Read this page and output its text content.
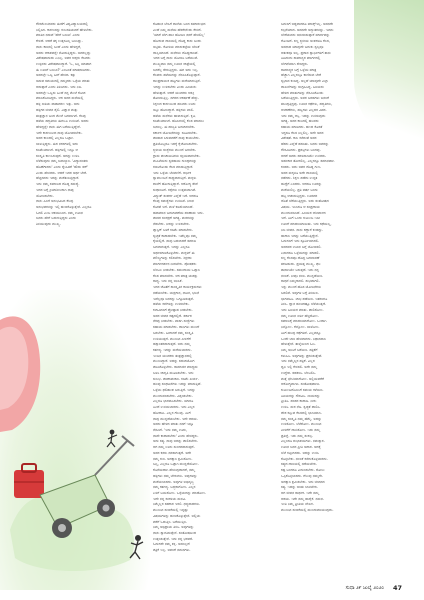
ಗೌರಮೆಂಟಿನವರು ಈಚೆಗೆ ವಿಶ್ವವಿದ್ಯಾಲಯದಲ್ಲಿ
ನಿಲ್ಲಿಸಿದ. ಕಾರಣವನ್ನು ಕುಲಪತಿಯವರೆ ಹೇಳಬೇಕು.
ಮಾತಿನ ನಡುವೆ 'ಹೇಗೆ ಬಂದಿರಿ' ಎಂದು
ಕೇಳಿದೆ. ಆದರೆ ತಕ್ಕ ಉತ್ತರವಿಲ್ಲ ಬಂದಿದ್ದು.
ನಾನು ಕಾರಿನಲ್ಲಿ ಬಂದೆ ಎಂದು ಹೇಳಿದ್ದರೆ,
ಅವರು ಆಕಾಶವನ್ನೇ ನೋಡುತ್ತಿದ್ದರು. ಅವರಲ್ಲದ್ದು
ವಿಶೇಷವಾದುದು ಏನಿಲ್ಲ. ಅವರ ಆಪ್ತರು ಕೆಲವರು
ಉಳ್ಳವರು ವಿಶೇಷವಾಗಿದ್ದಾರೆ. 'ಓ, ಬನ್ನಿ ಯಾವಾಗ
ಈ ಊರಿಗೆ ಬಂದಿರಿ?' ಎಂಬಂತೆ ಮಾತನಾಡಿದರು.
ಅವರಲ್ಲೇ ಒಬ್ಬ ಹೀಗೆ ಹೇಳಿದ. ಕತ್ತು
ಬಿಡುವ ಸಮಯದಲ್ಲಿ ನಮ್ಮವರು ಒಳ್ಳೆಯ ಮಾತು
ಆಡುತ್ತಾರೆ ಎಂದು ತಿಳಿಸಿದರು. ಇದು ನಿಜ.
ಅವರಲ್ಲೇ ಒಬ್ಬರು ಹಿಂದೆ ನನ್ನ ಮೇಲೆ ಕೋಪ
ಮಾಡಿಕೊಂಡಿದ್ದರು. ಆಗ ಅವರ ಮನೆಯಲ್ಲಿ
ಹಳ್ಳಿ ರೀತಿಯ ವಾತಾವರಣ ಇತ್ತು. ಅದು
ಹಳ್ಳಿಗರ ಜೀವನ ಶೈಲಿ. ವಿಜ್ಞಾನ ಮತ್ತು
ತಂತ್ರಜ್ಞಾನ ಬಂದ ಮೇಲೆ ಬದಲಾಗಿದೆ. ಕೆಲವು
ಹಳೆಯ ಪದ್ಧತಿಗಳು ಈಗಲೂ ಉಳಿದಿವೆ. ಅವರು
ಹೇಳಿದ್ದನ್ನೇ ನಾನು ಈಗ ಬರೆಯುತ್ತಿದ್ದೇನೆ.
ಇದೇ ಕಾರಣದಿಂದ ನಾವು ಯೋಚಿಸಬೇಕು.
ಅವರ ಕಾಲದಲ್ಲಿ ಎಲ್ಲರೂ ಒಟ್ಟಾಗಿ
ಬಾಳುತ್ತಿದ್ದರು. ಈಗ ನಗರಗಳಲ್ಲಿ ಅದು
ಕಡಿಮೆಯಾಗಿದೆ. ಹಳ್ಳಿಗಳಲ್ಲಿ ಇನ್ನೂ ಆ
ಸಂಸ್ಕೃತಿ ಕಾಣಸಿಗುತ್ತದೆ. ಅದನ್ನು ಉಳಿಸಿ
ಬೆಳೆಸುವುದು ನಮ್ಮ ಜವಾಬ್ದಾರಿ. 'ವಿದ್ಯಾವಂತರು
ಹೊಣೆಗಾರರು' ಎಂದು ಸ್ನೇಹಿತರೆ 'ಹೌದು ಸರ್'
ಎಂದು ಹೇಳಿದರು. ಆದರೆ ಇದರ ಅರ್ಥ ಬೇರೆ.
ಹೆಚ್ಚಿನವರು ಇದನ್ನು ಮರೆತುಬಿಟ್ಟಿದ್ದಾರೆ.
ಇದು ನಮ್ಮ ಸಮಾಜದ ದೊಡ್ಡ ಸಮಸ್ಯೆ.
ಇದರ ಬಗ್ಗೆ ಕ್ರಿಯಾಶೀಲರಾಗಿ ನಾವು
ಯೋಚಿಸಬೇಕು.
ನಾನು ಹಿಂದೆ ಅನುಭವಿಸಿದ ಕೆಲವು
ಅನುಭವಗಳನ್ನು ಇಲ್ಲಿ ಹಂಚಿಕೊಳ್ಳುತ್ತೇನೆ. ಎಲ್ಲರೂ
ಓದಲಿ ಎಂಬ ಆಶಯದಿಂದ. ನಮ್ಮ ಊರಿನ
ಜನರು ಹೇಗೆ ಬದುಕುತ್ತಿದ್ದರು ಎಂದು
ತಿಳಿಯುವುದು ಮುಖ್ಯ.
ಕೊಡಗಿನ ಬೇಸಿಗೆ ಶಾಲೆಯ ಬಂದ ಸಮಾರಂಭದ
ಎಂದೆ ನಿಮ್ಮ ಮನೆಯ ಹೆಸರೇನೆಂದು ಕೇಳಿದೆ.
'ಯಾಕೆ ಬೇಗ ಹಾಕಿ ಹೋದಿರಿ ನನಗೆ ಹೇಳಲಿಲ್ಲ'
ಹೋಗುವ ದಾರಿಯಲ್ಲಿ ದೊಡ್ಡ ಕಾರು ಬಂದು
ಬಿಟ್ಟಿತು. ಕೋಳಿಯ ಮಾರುಕಟ್ಟೆಯ ಬೇಡಿಕೆ
ಜಾಸ್ತಿಯಾಗಿದೆ. ಮನೆಗಳು ದೊಡ್ಡದಾಗಿವೆ.
ಇದರ ಬಗ್ಗೆ ನಾನು ಯೋಚಿಸಿ ಬರೆಯುವೆ.
ಮುಖ್ಯವಾಗಿ ನಮ್ಮ ಊರಿನ ಜಾತ್ರೆಯಲ್ಲಿ
ಜನರೆಲ್ಲ ಸೇರುತ್ತಿದ್ದರು. ಈಗ ಅದು ಇಲ್ಲ.
ಕೆಲವರು ಹಳೆಯದನ್ನು ನೆನಪಿಸಿಕೊಳ್ಳುತ್ತಾರೆ.
ಸಾಂಪ್ರದಾಯಿಕ ಹಬ್ಬಗಳು ಮರೆಯಾಗುತ್ತಿವೆ.
ಇದನ್ನು ಉಳಿಸಬೇಕು ಎಂದು ಹಿರಿಯರು
ಹೇಳುತ್ತಾರೆ. ಆದರೆ ಯುವಕರು ಆಸಕ್ತಿ
ತೋರಿಸುತ್ತಿಲ್ಲ. ನಗರದ ಆಕರ್ಷಣೆ ಹೆಚ್ಚು.
ಶಿಕ್ಷಣದ ಕಾರಣದಿಂದ ಹಲವರು ಊರು
ಬಿಟ್ಟು ಹೋಗಿದ್ದಾರೆ. ಹಳ್ಳಿಗಳು ಖಾಲಿ.
ಹಳೆಯ ಮನೆಗಳು ಹಾಳಾಗುತ್ತಿವೆ. ಕೃಷಿ
ಕಡಿಮೆಯಾಗಿದೆ. ಹೊಲಗಳಲ್ಲಿ ಕೆಲಸ ಮಾಡಲು
ಜನರಿಲ್ಲ. ಈ ಪರಿಸ್ಥಿತಿ ಬದಲಾಗಬೇಕು.
ಸರ್ಕಾರ ಯೋಜನೆಗಳನ್ನು ರೂಪಿಸಬೇಕು.
ಪರಿಹಾರ ಸಿಗುವವರೆಗೆ ನಾವು ಕಾಯಬೇಕು.
ಪ್ರತಿಯೊಬ್ಬರೂ ಇದಕ್ಕೆ ಕೈಜೋಡಿಸಬೇಕು.
ಸ್ಥಳೀಯ ಸಂಸ್ಥೆಗಳು ಮುಂದೆ ಬರಬೇಕು.
ಗ್ರಾಮ ಪಂಚಾಯಿತಿಗಳು ಸಕ್ರಿಯವಾಗಬೇಕು.
ಮಹಿಳೆಯರು ಸ್ವಸಹಾಯ ಗುಂಪುಗಳನ್ನು
ರಚಿಸಿಕೊಂಡು ಕೆಲಸ ಮಾಡುತ್ತಿದ್ದಾರೆ.
ಇದು ಒಳ್ಳೆಯ ಬೆಳವಣಿಗೆ. ಆರ್ಥಿಕ
ಸ್ವಾವಲಂಬನೆ ಸಾಧ್ಯವಾಗುತ್ತಿದೆ. ಮಕ್ಕಳು
ಶಾಲೆಗೆ ಹೋಗುತ್ತಿದ್ದಾರೆ. ಆರೋಗ್ಯ ಸೇವೆ
ಸುಧಾರಿಸಿದೆ. ರಸ್ತೆಗಳು ಉತ್ತಮವಾಗಿವೆ.
ವಿದ್ಯುತ್ ಸಂಪರ್ಕ ಎಲ್ಲೆಡೆ ಇದೆ. ಆದರೂ
ಕೆಲವು ಸಮಸ್ಯೆಗಳು ಉಳಿದಿವೆ. ನೀರಿನ
ಕೊರತೆ ಇದೆ. ಮಳೆ ಕಡಿಮೆಯಾಗಿದೆ.
ಹವಾಮಾನ ಬದಲಾವಣೆಯ ಪರಿಣಾಮ ಇದು.
ಪರಿಸರ ಸಂರಕ್ಷಣೆ ಅಗತ್ಯ. ಮರಗಳನ್ನು
ನೆಡಬೇಕು. ನೀರನ್ನು ಉಳಿಸಬೇಕು.
ಪ್ಲಾಸ್ಟಿಕ್ ಬಳಕೆ ಕಡಿಮೆ ಮಾಡಬೇಕು.
ಸ್ವಚ್ಛತೆ ಕಾಪಾಡಬೇಕು. ಇವೆಲ್ಲವೂ ನಮ್ಮ
ಕೈಯಲ್ಲಿದೆ. ನಾವು ಬದಲಾದರೆ ಸಮಾಜ
ಬದಲಾಗುತ್ತದೆ. ಇದನ್ನು ಎಲ್ಲರೂ
ಅರ್ಥಮಾಡಿಕೊಳ್ಳಬೇಕು. ಮಕ್ಕಳಿಗೆ ಈ
ಮೌಲ್ಯಗಳನ್ನು ಕಲಿಸಬೇಕು. ಶಿಕ್ಷಕರು
ಮಾರ್ಗದರ್ಶನ ನೀಡಬೇಕು. ಪೋಷಕರು
ಬೆಂಬಲ ನೀಡಬೇಕು. ಸಮುದಾಯ ಒಟ್ಟಾಗಿ
ಕೆಲಸ ಮಾಡಬೇಕು. ಆಗ ಮಾತ್ರ ಯಶಸ್ಸು
ಸಾಧ್ಯ. ಇದು ನನ್ನ ಅನಿಸಿಕೆ.
ಇದರ ಜೊತೆಗೆ ಸಾಂಸ್ಕೃತಿಕ ಕಾರ್ಯಕ್ರಮಗಳು
ನಡೆಯಬೇಕು. ಯಕ್ಷಗಾನ, ನಾಟಕ, ಭಜನೆ
ಇವೆಲ್ಲವೂ ಜನರನ್ನು ಒಗ್ಗೂಡಿಸುತ್ತವೆ.
ಹಳೆಯ ಕಲೆಗಳನ್ನು ಉಳಿಸಬೇಕು.
ಕಲಾವಿದರಿಗೆ ಪ್ರೋತ್ಸಾಹ ನೀಡಬೇಕು.
ಅವರ ಜೀವನ ಕಷ್ಟದಲ್ಲಿದೆ. ಸರ್ಕಾರ
ನೆರವು ನೀಡಬೇಕು. ಖಾಸಗಿ ಸಂಸ್ಥೆಗಳು
ಸಹಾಯ ಮಾಡಬೇಕು. ದಾನಿಗಳು ಮುಂದೆ
ಬರಬೇಕು. ಹೀಗಾದರೆ ನಮ್ಮ ಸಂಸ್ಕೃತಿ
ಉಳಿಯುತ್ತದೆ. ಮುಂದಿನ ಪೀಳಿಗೆಗೆ
ಹಸ್ತಾಂತರವಾಗುತ್ತದೆ. ಅದು ನಮ್ಮ
ಕರ್ತವ್ಯ. ಇದನ್ನು ಮರೆಯಬಾರದು.
ಇಂದಿನ ಯುವಕರು ತಂತ್ರಜ್ಞಾನದಲ್ಲಿ
ಮುಂದಿದ್ದಾರೆ. ಅದನ್ನು ಸದುಪಯೋಗ
ಪಡಿಸಿಕೊಳ್ಳಬೇಕು. ಸಾಮಾಜಿಕ ಮಾಧ್ಯಮ
ಬಳಸಿ ಜಾಗೃತಿ ಮೂಡಿಸಬೇಕು. ಇದು
ಸುಲಭ. ಪರಿಣಾಮಕಾರಿ. ಕಡಿಮೆ ಖರ್ಚು.
ಹಲವು ಸಂಘಟನೆಗಳು ಇದನ್ನು ಮಾಡುತ್ತಿವೆ.
ಒಳ್ಳೆಯ ಫಲಿತಾಂಶ ಬರುತ್ತಿದೆ. ಇದನ್ನು
ಮುಂದುವರಿಸಬೇಕು. ವಿಸ್ತರಿಸಬೇಕು.
ಎಲ್ಲರೂ ಭಾಗವಹಿಸಬೇಕು. ಯಾರೂ
ಹಿಂದೆ ಉಳಿಯಬಾರದು. ಇದು ಎಲ್ಲರ
ಹೋರಾಟ. ಎಲ್ಲರ ಗೆಲುವು. ಹೀಗೆ
ನಾವು ಮುನ್ನಡೆಯಬೇಕು. ಇದೇ ಆಶಯ.
ಅವರು ಹೇಳಿದ ಮಾತು ನನಗೆ ಇನ್ನೂ
ನೆನಪಿದೆ. 'ಇದು ನಮ್ಮ ಊರು,
ನಾವೇ ಕಾಪಾಡಬೇಕು' ಎಂದು ಹೇಳಿದ್ದರು.
ಅದು ಸತ್ಯ. ನಾವು ಅದನ್ನು ಪಾಲಿಸಬೇಕು.
ಆಗ ನಮ್ಮ ಊರು ಸುಂದರವಾಗುತ್ತದೆ.
ಅವರ ಕನಸು ನನಸಾಗುತ್ತದೆ. ಅದೇ
ನಮ್ಮ ಗುರಿ. ಅದಕ್ಕಾಗಿ ಶ್ರಮಿಸೋಣ.
ಬನ್ನಿ, ಎಲ್ಲರೂ ಒಟ್ಟಾಗಿ ಮುನ್ನಡೆಯೋಣ.
ಕೊನೆಯದಾಗಿ ಹೇಳುವುದಾದರೆ, ನಮ್ಮ
ಹಳ್ಳಿಗಳು ನಮ್ಮ ಬೇರುಗಳು. ಅವುಗಳನ್ನು
ಮರೆಯಬಾರದು. ಅವುಗಳ ಅಭಿವೃದ್ಧಿ
ನಮ್ಮ ಕರ್ತವ್ಯ. ಬದ್ಧರಾಗೋಣ. ಎಲ್ಲರ
ಏಳಿಗೆ ಬಯಸೋಣ. ಒಳ್ಳೆಯದನ್ನು ಮಾಡೋಣ.
ಇದೇ ನನ್ನ ಕಳಕಳಿಯ ಮನವಿ.
ನಿಮ್ಮೆಲ್ಲರ ಸಹಕಾರ ಇರಲಿ. ಧನ್ಯವಾದಗಳು.
ಮುಂದಿನ ಸಂಚಿಕೆಯಲ್ಲಿ ಇನ್ನಷ್ಟು
ವಿಷಯಗಳನ್ನು ಹಂಚಿಕೊಳ್ಳುತ್ತೇನೆ. ಅಲ್ಲಿಯ
ವರೆಗೆ ಓದುತ್ತಿರಿ. ಬರೆಯುತ್ತಿರಿ.
ನಿಮ್ಮ ಅಭಿಪ್ರಾಯ ತಿಳಿಸಿ. ಅವುಗಳನ್ನು
ನಾನು ಸ್ವಾಗತಿಸುತ್ತೇನೆ. ಸಂತೋಷದಿಂದ
ಉತ್ತರಿಸುತ್ತೇನೆ. ಇದು ನನ್ನ ಭರವಸೆ.
ಓದುಗರೇ ನಮ್ಮ ಶಕ್ತಿ. ಅವರಿಲ್ಲದೆ
ಪತ್ರಿಕೆ ಇಲ್ಲ. ಅವರಿಗೆ ನಮನಗಳು.
ಬದುಕಿಗೆ ಅಡ್ಡವಾದರೂ ಮಾಸ್ಕ್‌ಇಲ್ಲ. ಅವನದೇ
ಕಲ್ಪನೆಯಾದ. ಅವನದೇ ಅದ್ಭುತಗಳನ್ನು. ಇವನು
ಬೇರೆಯವರು ಅನುಸರಿಸುತ್ತಾರೆ ಮಾರ್ಗವನ್ನು
ಗೊಂಡಿದೆ. ಸಣ್ಣ ಸ್ಥಳೀಯ ಅಂಶಗಳೂ ಕೆಲಸ,
ಅವನಾದ ಯಾವುದೇ ಬದುಕು ಸ್ವಲ್ಪವೂ
ಆತಂಕವೂ ಅಲ್ಲ. ಪ್ರದಾನ ಸ್ವಾರ್ಥಿಗಳಿಗೆ ತಾನು
ಹಿಡಿದುದು ಸಾಮಾನ್ಯರ ಮಾರ್ಗದಲ್ಲಿ
ಬೇಗನೆಯಾಗಿ ಸೇರಿದ್ದರು.
ಸಾಮಾನ್ಯರ ಬಗ್ಗೆ ಒಳ್ಳೆಯ ಮಾತ್ರ
ಹೆಚ್ಚಾಗಿ ಎಲ್ಲರಲ್ಲೂ ಕಾಣಿಸುವ ಬೇರೆ
ಸ್ವಭಾವ ಕಂಡಿದ್ದ. ಅಲ್ಲದೆ ಯಾವುದೇ ಎಲ್ಲಾ
ದಾಖಲೆಗಳನ್ನು ಸಂಗ್ರಹಿಸಿದ್ದ. ಹಿರಿಯರು
ಹೇಳಿದ ಮಾತುಗಳನ್ನು ನೆನಪಿಸಿಕೊಂಡು
ಬರೆಯುತ್ತಿದ್ದರು. ಅವರ ಬರಹಗಳು ಜನರಿಗೆ
ತಲುಪುತ್ತಿದ್ದವು. ಊರಿನ ಕಥೆಗಳು, ಪದ್ಧತಿಗಳು,
ಆಚರಣೆಗಳು, ಹಬ್ಬಗಳು ಎಲ್ಲದರ ವಿವರ.
ಇದು ನಮ್ಮ ಆಸ್ತಿ. ಇದನ್ನು ಉಳಿಸುವುದು
ಅಗತ್ಯ. ಅವರ ಕಾಲದಲ್ಲಿ ಹಲವರು
ಸಹಾಯ ಮಾಡಿದರು. ಹಣದ ಕೊರತೆ
ಇದ್ದರೂ ಕೆಲಸ ನಿಲ್ಲಲಿಲ್ಲ. ಅದೇ ಅವರ
ವಿಶೇಷತೆ. ಕಾಲ ಕಳೆದಂತೆ ಅವರ
ಹೆಸರು ಎಲ್ಲೆಡೆ ಹರಡಿತು. ಜನರು ಅವರನ್ನು
ಗೌರವಿಸಿದರು. ಪ್ರಶಸ್ತಿಗಳು ಬಂದವು.
ಆದರೆ ಅವರು ಸರಳವಾಗಿಯೇ ಉಳಿದರು.
ಅಹಂಕಾರ ತೋರಲಿಲ್ಲ. ಎಲ್ಲರನ್ನೂ ಸಮಾನವಾಗಿ
ಕಂಡರು. ಅದು ಅವರ ದೊಡ್ಡ ಗುಣ.
ಅವರ ಮಕ್ಕಳೂ ಅದೇ ದಾರಿಯಲ್ಲಿ
ನಡೆದರು. ಶಿಕ್ಷಣ ಪಡೆದು ಉನ್ನತ
ಹುದ್ದೆಗೆ ಏರಿದರು. ಆದರೂ ಊರನ್ನು
ಮರೆಯಲಿಲ್ಲ. ಪ್ರತಿ ವರ್ಷ ಬಂದು
ಹಬ್ಬ ಆಚರಿಸುತ್ತಿದ್ದರು. ಊರವರ
ಜೊತೆ ಬೆರೆಯುತ್ತಿದ್ದರು. ಅದು ಸಂತೋಷದ
ವಿಷಯ. ಇಂದಿಗೂ ಆ ಸಂಪ್ರದಾಯ
ಮುಂದುವರಿದಿದೆ. ಹಿರಿಯರ ಆಶೀರ್ವಾದ
ಇದೆ. ಹೀಗೆ ಒಂದು ಕುಟುಂಬ ಇಡೀ
ಊರಿಗೆ ಮಾದರಿಯಾಯಿತು. ಇದು ಕಥೆಯಲ್ಲ,
ನಿಜ ಜೀವನ. ನಾನು ಕಣ್ಣಾರೆ ಕಂಡದ್ದು.
ಹಾಗಾಗಿ ಇದನ್ನು ಬರೆಯುತ್ತಿದ್ದೇನೆ.
ಓದುಗರಿಗೆ ಇದು ಸ್ಫೂರ್ತಿಯಾಗಲಿ.
ಅವರವರ ಊರಿನ ಬಗ್ಗೆ ಯೋಚಿಸಲಿ.
ಏನಾದರೂ ಒಳ್ಳೆಯದನ್ನು ಮಾಡಲಿ.
ಸಣ್ಣ ಕೆಲಸವೂ ದೊಡ್ಡ ಬದಲಾವಣೆ
ತರಬಹುದು. ಪ್ರಯತ್ನ ಮುಖ್ಯ. ಫಲ
ತಾನಾಗಿಯೇ ಬರುತ್ತದೆ. ಇದು ನನ್ನ
ನಂಬಿಕೆ. ನೀವೂ ನಂಬಿ. ಮುನ್ನಡೆಯಿರಿ.
ಸಾಧನೆ ನಿಮ್ಮದಾಗಲಿ. ಶುಭವಾಗಲಿ.
ಇನ್ನು ಮುಂದೆ ಹೊಸ ಯೋಜನೆಗಳು
ಬರಲಿವೆ. ಅವುಗಳ ಬಗ್ಗೆ ತಿಳಿಯಿರಿ.
ಭಾಗವಹಿಸಿ. ಲಾಭ ಪಡೆಯಿರಿ. ಇತರರಿಗೂ
ತಿಳಿಸಿ. ಜ್ಞಾನ ಹಂಚಿದಷ್ಟೂ ಬೆಳೆಯುತ್ತದೆ.
ಇದು ಹಿರಿಯರ ಮಾತು. ಪಾಲಿಸೋಣ.
ನಮ್ಮ ಊರಿನ ಕೀರ್ತಿ ಹೆಚ್ಚಿಸೋಣ.
ಸಮಾಜಕ್ಕೆ ಮಾದರಿಯಾಗೋಣ. ಒಂದಾಗಿ
ನಿಲ್ಲೋಣ. ಗೆಲ್ಲೋಣ. ಬಾಳೋಣ.
ಹೀಗೆ ಹಲವು ಕಥೆಗಳಿವೆ. ಎಲ್ಲವನ್ನೂ
ಒಂದೇ ಬಾರಿ ಹೇಳಲಾಗದು. ನಿಧಾನವಾಗಿ
ಹೇಳುತ್ತೇನೆ. ತಾಳ್ಮೆಯಿಂದ ಓದಿ.
ನಿಮ್ಮ ಅನಿಸಿಕೆ ಬರೆಯಿರಿ. ಪತ್ರಿಕೆಗೆ
ಕಳುಹಿಸಿ. ಅವುಗಳನ್ನು ಪ್ರಕಟಿಸುತ್ತೇವೆ.
ಇದು ನಮ್ಮೆಲ್ಲರ ಪತ್ರಿಕೆ. ಎಲ್ಲರ
ಧ್ವನಿ ಇಲ್ಲಿ ಕೇಳಿಸಲಿ. ಅದೇ ನಮ್ಮ
ಉದ್ದೇಶ. ಸಹಕರಿಸಿ. ಬೆಂಬಲಿಸಿ.
ಮತ್ತೆ ಭೇಟಿಯಾಗೋಣ. ಅಲ್ಲಿಯವರೆಗೆ
ಆರೋಗ್ಯವಾಗಿರಿ. ಸಂತೋಷವಾಗಿರಿ.
ಕುಟುಂಬದೊಂದಿಗೆ ಸಮಯ ಕಳೆಯಿರಿ.
ಹಿರಿಯರನ್ನು ಗೌರವಿಸಿ. ಕಿರಿಯರನ್ನು
ಪ್ರೀತಿಸಿ. ಪರಿಸರ ಕಾಪಾಡಿ. ನೀರು
ಉಳಿಸಿ. ಮರ ನೆಡಿ. ಸ್ವಚ್ಛತೆ ಪಾಲಿಸಿ.
ದೇಶ ಕಟ್ಟುವ ಕೆಲಸದಲ್ಲಿ ಭಾಗಿಯಾಗಿ.
ನಮ್ಮ ಸಂಸ್ಕೃತಿ ನಮ್ಮ ಹೆಮ್ಮೆ. ಅದನ್ನು
ಉಳಿಸೋಣ. ಬೆಳೆಸೋಣ. ಮುಂದಿನ
ಪೀಳಿಗೆಗೆ ದಾಟಿಸೋಣ. ಇದು ನಮ್ಮ
ಪ್ರತಿಜ್ಞೆ. ಇದು ನಮ್ಮ ಸಂಕಲ್ಪ.
ಎಲ್ಲರಿಗೂ ಶುಭಾಶಯಗಳು. ನಮಸ್ಕಾರ.
ಊರಿನ ಜನರ ಪ್ರೀತಿ ಅಪಾರ. ಅದಕ್ಕೆ
ಬೆಲೆ ಕಟ್ಟಲಾಗದು. ಅದನ್ನು ಉಳಿಸಿ
ಕೊಳ್ಳಬೇಕು. ನಂಬಿಕೆ ಕಳೆದುಕೊಳ್ಳಬಾರದು.
ಸತ್ಯದ ದಾರಿಯಲ್ಲಿ ನಡೆಯಬೇಕು.
ಕಷ್ಟ ಬಂದರೂ ಎದುರಿಸಬೇಕು. ಸೋಲು
ಒಪ್ಪಿಕೊಳ್ಳಬಾರದು. ಗೆಲುವು ನಮ್ಮದೇ.
ಅದಕ್ಕಾಗಿ ಶ್ರಮಿಸಬೇಕು. ಇದು ಜೀವನದ
ಸತ್ಯ. ಇದನ್ನು ಅರಿತು ಬಾಳಬೇಕು.
ಆಗ ಜೀವನ ಸಾರ್ಥಕ. ಇದೇ ನಮ್ಮ
ಆಶಯ. ಇದೇ ನಮ್ಮ ಹಾರೈಕೆ. ನಮನ.
ಇಂತಿ ನಿಮ್ಮ ಪ್ರೀತಿಯ ಲೇಖಕ.
ಮುಂದಿನ ಸಂಚಿಕೆಯಲ್ಲಿ ಮುಂದುವರಿಯುವುದು.
ಸುಧಾ ೨೯ ಜುಲೈ ೨೦೨೦ 47
